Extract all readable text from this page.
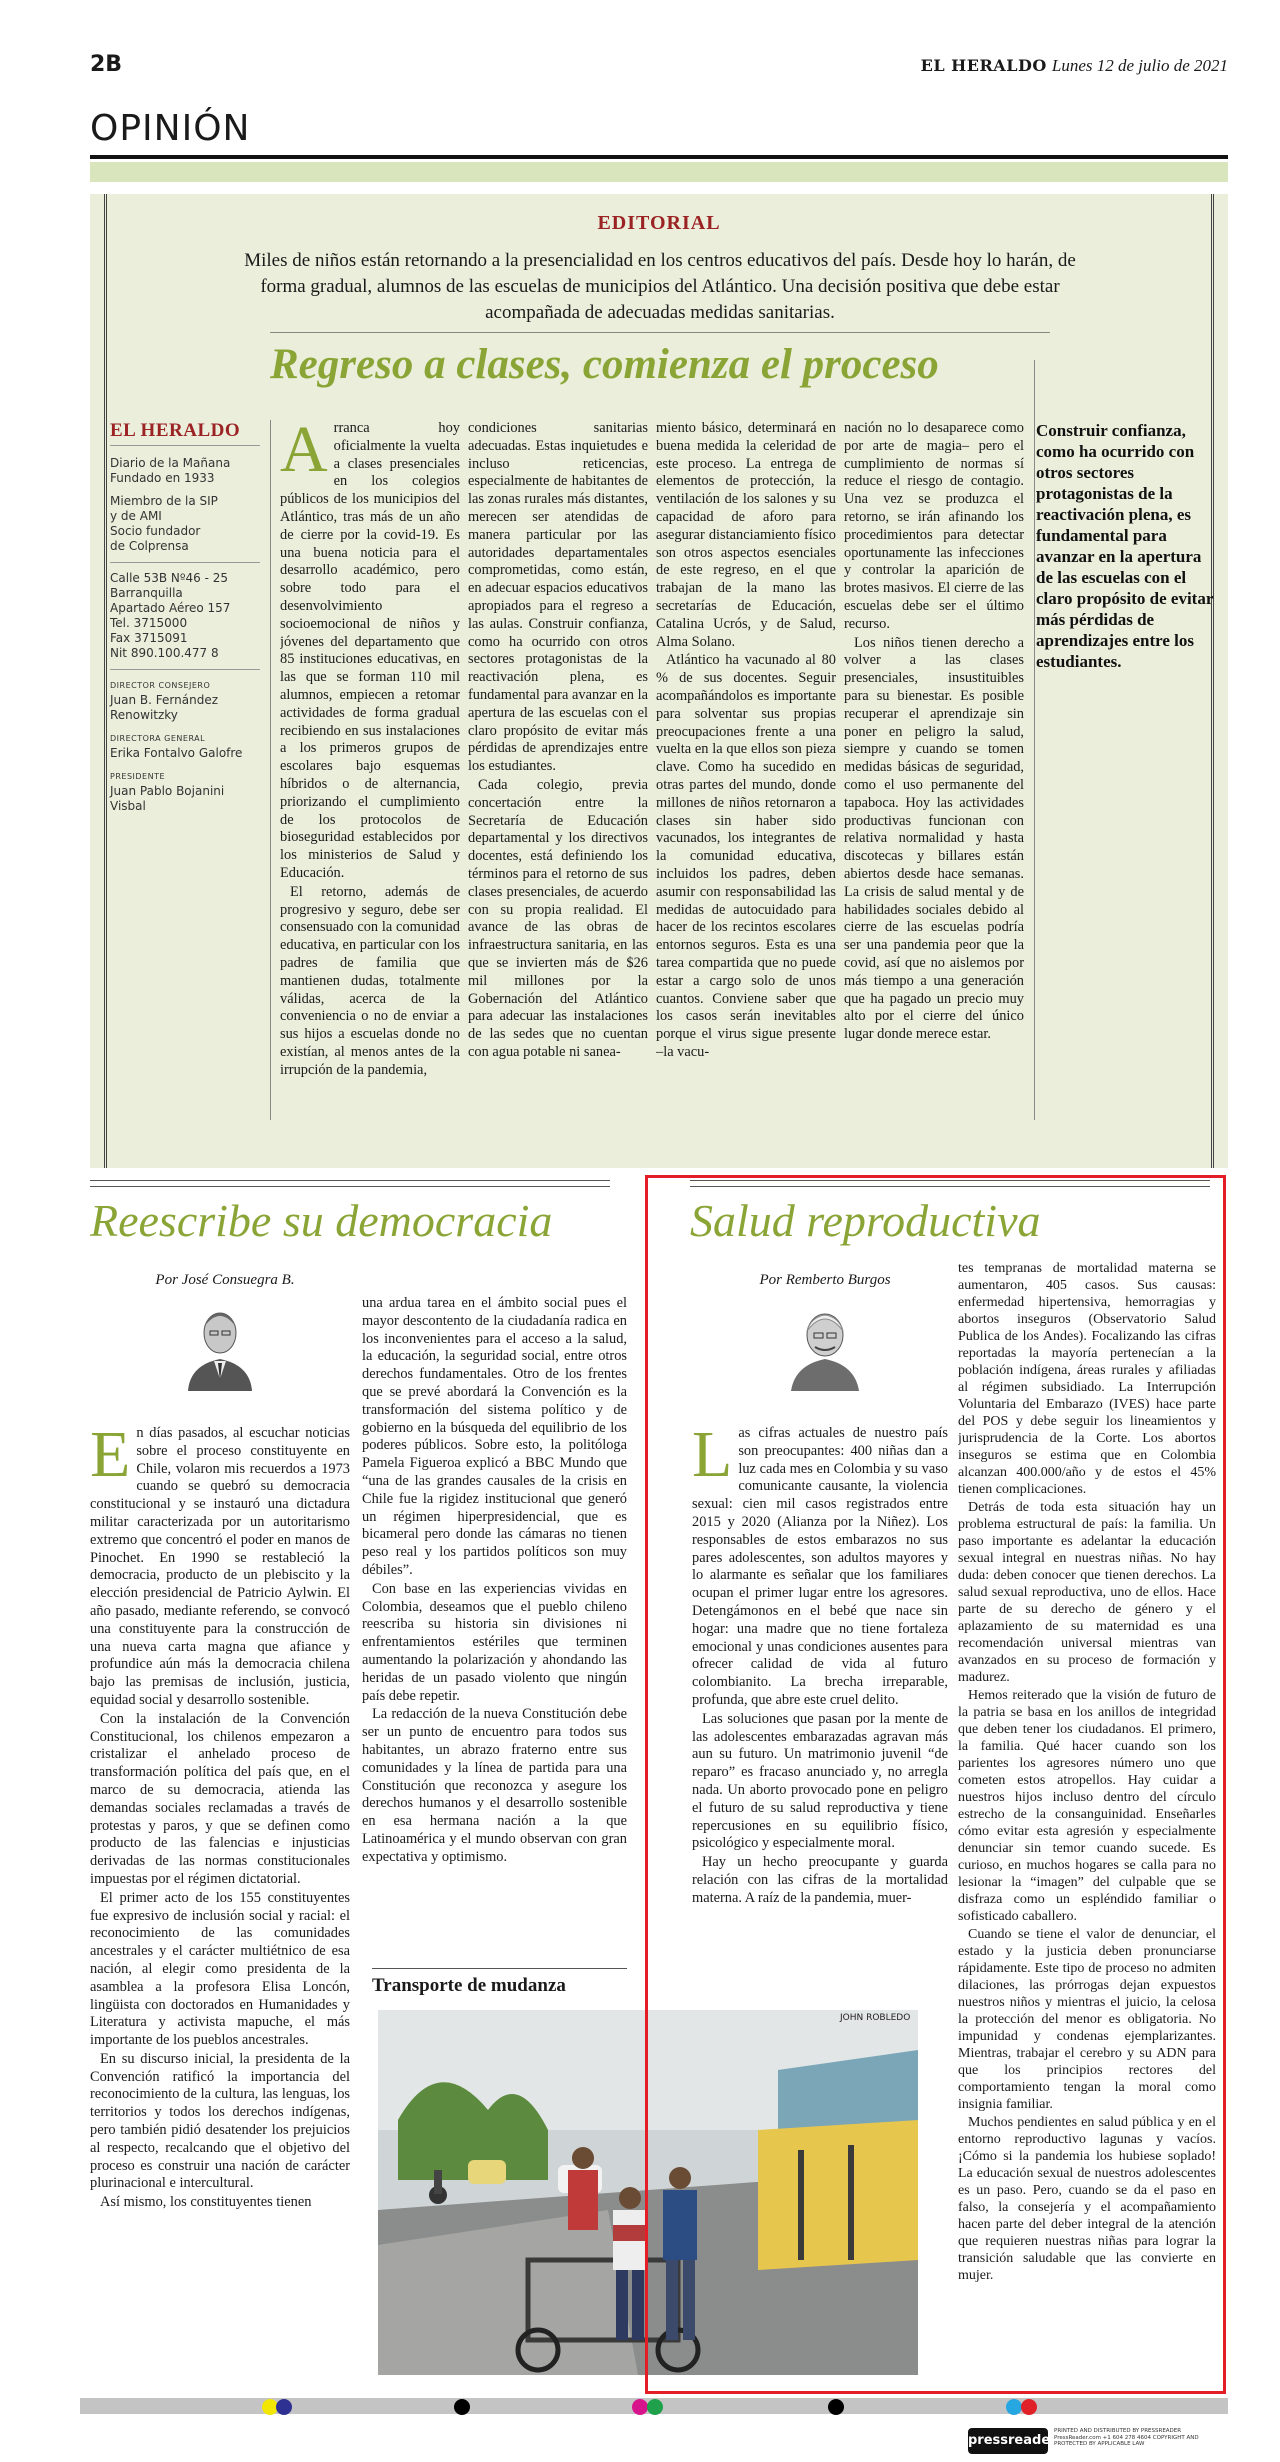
2B	EL HERALDO Lunes 12 de julio de 2021
OPINIÓN
EDITORIAL
Miles de niños están retornando a la presencialidad en los centros educativos del país. Desde hoy lo harán, de forma gradual, alumnos de las escuelas de municipios del Atlántico. Una decisión positiva que debe estar acompañada de adecuadas medidas sanitarias.
Regreso a clases, comienza el proceso
EL HERALDO
Diario de la Mañana
Fundado en 1933
Miembro de la SIP
y de AMI
Socio fundador
de Colprensa
Calle 53B Nº46 - 25
Barranquilla
Apartado Aéreo 157
Tel. 3715000
Fax 3715091
Nit 890.100.477 8
DIRECTOR CONSEJERO
Juan B. Fernández Renowitzky
DIRECTORA GENERAL
Erika Fontalvo Galofre
PRESIDENTE
Juan Pablo Bojanini Visbal

Arranca hoy oficialmente la vuelta a clases presenciales en los colegios públicos de los municipios del Atlántico, tras más de un año de cierre por la covid-19. Es una buena noticia para el desarrollo académico, pero sobre todo para el desenvolvimiento socioemocional de niños y jóvenes del departamento que 85 instituciones educativas, en las que se forman 110 mil alumnos, empiecen a retomar actividades de forma gradual recibiendo en sus instalaciones a los primeros grupos de escolares bajo esquemas híbridos o de alternancia, priorizando el cumplimiento de los protocolos de bioseguridad establecidos por los ministerios de Salud y Educación.

El retorno, además de progresivo y seguro, debe ser consensuado con la comunidad educativa, en particular con los padres de familia que mantienen dudas, totalmente válidas, acerca de la conveniencia o no de enviar a sus hijos a escuelas donde no existían, al menos antes de la irrupción de la pandemia,

condiciones sanitarias adecuadas. Estas inquietudes e incluso reticencias, especialmente de habitantes de las zonas rurales más distantes, merecen ser atendidas de manera particular por las autoridades departamentales comprometidas, como están, en adecuar espacios educativos apropiados para el regreso a las aulas. Construir confianza, como ha ocurrido con otros sectores protagonistas de la reactivación plena, es fundamental para avanzar en la apertura de las escuelas con el claro propósito de evitar más pérdidas de aprendizajes entre los estudiantes.

Cada colegio, previa concertación entre la Secretaría de Educación departamental y los directivos docentes, está definiendo los términos para el retorno de sus clases presenciales, de acuerdo con su propia realidad. El avance de las obras de infraestructura sanitaria, en las que se invierten más de $26 mil millones por la Gobernación del Atlántico para adecuar las instalaciones de las sedes que no cuentan con agua potable ni sanea-

miento básico, determinará en buena medida la celeridad de este proceso. La entrega de elementos de protección, la ventilación de los salones y su capacidad de aforo para asegurar distanciamiento físico son otros aspectos esenciales de este regreso, en el que trabajan de la mano las secretarías de Educación, Catalina Ucrós, y de Salud, Alma Solano.

Atlántico ha vacunado al 80 % de sus docentes. Seguir acompañándolos es importante para solventar sus propias preocupaciones frente a una vuelta en la que ellos son pieza clave. Como ha sucedido en otras partes del mundo, donde millones de niños retornaron a clases sin haber sido vacunados, los integrantes de la comunidad educativa, incluidos los padres, deben asumir con responsabilidad las medidas de autocuidado para hacer de los recintos escolares entornos seguros. Esta es una tarea compartida que no puede estar a cargo solo de unos cuantos. Conviene saber que los casos serán inevitables porque el virus sigue presente –la vacu-

nación no lo desaparece como por arte de magia– pero el cumplimiento de normas sí reduce el riesgo de contagio. Una vez se produzca el retorno, se irán afinando los procedimientos para detectar oportunamente las infecciones y controlar la aparición de brotes masivos. El cierre de las escuelas debe ser el último recurso.

Los niños tienen derecho a volver a las clases presenciales, insustituibles para su bienestar. Es posible recuperar el aprendizaje sin poner en peligro la salud, siempre y cuando se tomen medidas básicas de seguridad, como el uso permanente del tapaboca. Hoy las actividades productivas funcionan con relativa normalidad y hasta discotecas y billares están abiertos desde hace semanas. La crisis de salud mental y de habilidades sociales debido al cierre de las escuelas podría ser una pandemia peor que la covid, así que no aislemos por más tiempo a una generación que ha pagado un precio muy alto por el cierre del único lugar donde merece estar.

Construir confianza, como ha ocurrido con otros sectores protagonistas de la reactivación plena, es fundamental para avanzar en la apertura de las escuelas con el claro propósito de evitar más pérdidas de aprendizajes entre los estudiantes.
Reescribe su democracia
Por José Consuegra B.

En días pasados, al escuchar noticias sobre el proceso constituyente en Chile, volaron mis recuerdos a 1973 cuando se quebró su democracia constitucional y se instauró una dictadura militar caracterizada por un autoritarismo extremo que concentró el poder en manos de Pinochet. En 1990 se restableció la democracia, producto de un plebiscito y la elección presidencial de Patricio Aylwin. El año pasado, mediante referendo, se convocó una constituyente para la construcción de una nueva carta magna que afiance y profundice aún más la democracia chilena bajo las premisas de inclusión, justicia, equidad social y desarrollo sostenible.

Con la instalación de la Convención Constitucional, los chilenos empezaron a cristalizar el anhelado proceso de transformación política del país que, en el marco de su democracia, atienda las demandas sociales reclamadas a través de protestas y paros, y que se definen como producto de las falencias e injusticias derivadas de las normas constitucionales impuestas por el régimen dictatorial.

El primer acto de los 155 constituyentes fue expresivo de inclusión social y racial: el reconocimiento de las comunidades ancestrales y el carácter multiétnico de esa nación, al elegir como presidenta de la asamblea a la profesora Elisa Loncón, lingüista con doctorados en Humanidades y Literatura y activista mapuche, el más importante de los pueblos ancestrales.

En su discurso inicial, la presidenta de la Convención ratificó la importancia del reconocimiento de la cultura, las lenguas, los territorios y todos los derechos indígenas, pero también pidió desatender los prejuicios al respecto, recalcando que el objetivo del proceso es construir una nación de carácter plurinacional e intercultural.

Así mismo, los constituyentes tienen

una ardua tarea en el ámbito social pues el mayor descontento de la ciudadanía radica en los inconvenientes para el acceso a la salud, la educación, la seguridad social, entre otros derechos fundamentales. Otro de los frentes que se prevé abordará la Convención es la transformación del sistema político y de gobierno en la búsqueda del equilibrio de los poderes públicos. Sobre esto, la politóloga Pamela Figueroa explicó a BBC Mundo que “una de las grandes causales de la crisis en Chile fue la rigidez institucional que generó un régimen hiperpresidencial, que es bicameral pero donde las cámaras no tienen peso real y los partidos políticos son muy débiles”.

Con base en las experiencias vividas en Colombia, deseamos que el pueblo chileno reescriba su historia sin divisiones ni enfrentamientos estériles que terminen aumentando la polarización y ahondando las heridas de un pasado violento que ningún país debe repetir.

La redacción de la nueva Constitución debe ser un punto de encuentro para todos sus habitantes, un abrazo fraterno entre sus comunidades y la línea de partida para una Constitución que reconozca y asegure los derechos humanos y el desarrollo sostenible en esa hermana nación a la que Latinoamérica y el mundo observan con gran expectativa y optimismo.

Transporte de mudanza
JOHN ROBLEDO
Salud reproductiva
Por Remberto Burgos

Las cifras actuales de nuestro país son preocupantes: 400 niñas dan a luz cada mes en Colombia y su vaso comunicante causante, la violencia sexual: cien mil casos registrados entre 2015 y 2020 (Alianza por la Niñez). Los responsables de estos embarazos no sus pares adolescentes, son adultos mayores y lo alarmante es señalar que los familiares ocupan el primer lugar entre los agresores. Detengámonos en el bebé que nace sin hogar: una madre que no tiene fortaleza emocional y unas condiciones ausentes para ofrecer calidad de vida al futuro colombianito. La brecha irreparable, profunda, que abre este cruel delito.

Las soluciones que pasan por la mente de las adolescentes embarazadas agravan más aun su futuro. Un matrimonio juvenil “de reparo” es fracaso anunciado y, no arregla nada. Un aborto provocado pone en peligro el futuro de su salud reproductiva y tiene repercusiones en su equilibrio físico, psicológico y especialmente moral.

Hay un hecho preocupante y guarda relación con las cifras de la mortalidad materna. A raíz de la pandemia, muer-

tes tempranas de mortalidad materna se aumentaron, 405 casos. Sus causas: enfermedad hipertensiva, hemorragias y abortos inseguros (Observatorio Salud Publica de los Andes). Focalizando las cifras reportadas la mayoría pertenecían a la población indígena, áreas rurales y afiliadas al régimen subsidiado. La Interrupción Voluntaria del Embarazo (IVES) hace parte del POS y debe seguir los lineamientos y jurisprudencia de la Corte. Los abortos inseguros se estima que en Colombia alcanzan 400.000/año y de estos el 45% tienen complicaciones.

Detrás de toda esta situación hay un problema estructural de país: la familia. Un paso importante es adelantar la educación sexual integral en nuestras niñas. No hay duda: deben conocer que tienen derechos. La salud sexual reproductiva, uno de ellos. Hace parte de su derecho de género y el aplazamiento de su maternidad es una recomendación universal mientras van avanzados en su proceso de formación y madurez.

Hemos reiterado que la visión de futuro de la patria se basa en los anillos de integridad que deben tener los ciudadanos. El primero, la familia. Qué hacer cuando son los parientes los agresores número uno que cometen estos atropellos. Hay cuidar a nuestros hijos incluso dentro del círculo estrecho de la consanguinidad. Enseñarles cómo evitar esta agresión y especialmente denunciar sin temor cuando sucede. Es curioso, en muchos hogares se calla para no lesionar la “imagen” del culpable que se disfraza como un espléndido familiar o sofisticado caballero.

Cuando se tiene el valor de denunciar, el estado y la justicia deben pronunciarse rápidamente. Este tipo de proceso no admiten dilaciones, las prórrogas dejan expuestos nuestros niños y mientras el juicio, la celosa la protección del menor es obligatoria. No impunidad y condenas ejemplarizantes. Mientras, trabajar el cerebro y su ADN para que los principios rectores del comportamiento tengan la moral como insignia familiar.

Muchos pendientes en salud pública y en el entorno reproductivo lagunas y vacíos. ¡Cómo si la pandemia los hubiese soplado! La educación sexual de nuestros adolescentes es un paso. Pero, cuando se da el paso en falso, la consejería y el acompañamiento hacen parte del deber integral de la atención que requieren nuestras niñas para lograr la transición saludable que las convierte en mujer.

pressreader
PRINTED AND DISTRIBUTED BY PRESSREADER PressReader.com +1 604 278 4604 COPYRIGHT AND PROTECTED BY APPLICABLE LAW
